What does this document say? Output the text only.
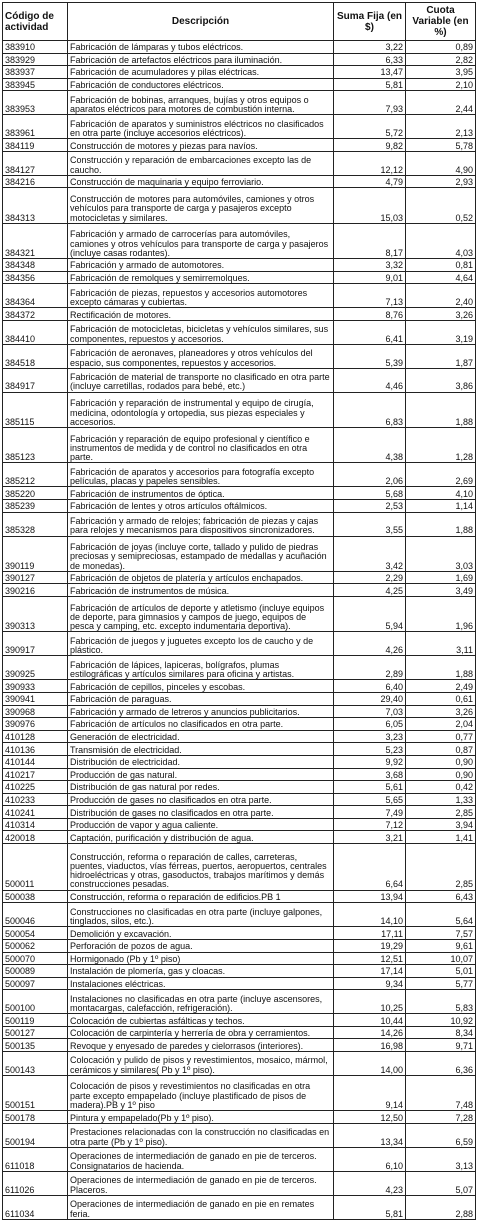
Código de actividad	Descripción	Suma Fija (en $)	Cuota Variable (en %)
383910	Fabricación de lámparas y tubos eléctricos.	3,22	0,89
383929	Fabricación de artefactos eléctricos para iluminación.	6,33	2,82
383937	Fabricación de acumuladores y pilas eléctricas.	13,47	3,95
383945	Fabricación de conductores eléctricos.	5,81	2,10
383953	Fabricación de bobinas, arranques, bujías y otros equipos o aparatos eléctricos para motores de combustión interna.	7,93	2,44
383961	Fabricación de aparatos y suministros eléctricos no clasificados en otra parte (incluye accesorios eléctricos).	5,72	2,13
384119	Construcción de motores y piezas para navíos.	9,82	5,78
384127	Construcción y reparación de embarcaciones excepto las de caucho.	12,12	4,90
384216	Construcción de maquinaria y equipo ferroviario.	4,79	2,93
384313	Construcción de motores para automóviles, camiones y otros vehículos para transporte de carga y pasajeros excepto motocicletas y similares.	15,03	0,52
384321	Fabricación y armado de carrocerías para automóviles, camiones y otros vehículos para transporte de carga y pasajeros (incluye casas rodantes).	8,17	4,03
384348	Fabricación y armado de automotores.	3,32	0,81
384356	Fabricación de remolques y semirremolques.	9,01	4,64
384364	Fabricación de piezas, repuestos y accesorios automotores excepto cámaras y cubiertas.	7,13	2,40
384372	Rectificación de motores.	8,76	3,26
384410	Fabricación de motocicletas, bicicletas y vehículos similares, sus componentes, repuestos y accesorios.	6,41	3,19
384518	Fabricación de aeronaves, planeadores y otros vehículos del espacio, sus componentes, repuestos y accesorios.	5,39	1,87
384917	Fabricación de material de transporte no clasificado en otra parte (incluye carretillas, rodados para bebé, etc.)	4,46	3,86
385115	Fabricación y reparación de instrumental y equipo de cirugía, medicina, odontología y ortopedia, sus piezas especiales y accesorios.	6,83	1,88
385123	Fabricación y reparación de equipo profesional y científico e instrumentos de medida y de control no clasificados en otra parte.	4,38	1,28
385212	Fabricación de aparatos y accesorios para fotografía excepto películas, placas y papeles sensibles.	2,06	2,69
385220	Fabricación de instrumentos de óptica.	5,68	4,10
385239	Fabricación de lentes y otros artículos oftálmicos.	2,53	1,14
385328	Fabricación y armado de relojes; fabricación de piezas y cajas para relojes y mecanismos para dispositivos sincronizadores.	3,55	1,88
390119	Fabricación de joyas (incluye corte, tallado y pulido de piedras preciosas y semipreciosas, estampado de medallas y acuñación de monedas).	3,42	3,03
390127	Fabricación de objetos de platería y artículos enchapados.	2,29	1,69
390216	Fabricación de instrumentos de música.	4,25	3,49
390313	Fabricación de artículos de deporte y atletismo (incluye equipos de deporte, para gimnasios y campos de juego, equipos de pesca y camping, etc. excepto indumentaria deportiva).	5,94	1,96
390917	Fabricación de juegos y juguetes excepto los de caucho y de plástico.	4,26	3,11
390925	Fabricación de lápices, lapiceras, bolígrafos, plumas estilográficas y artículos similares para oficina y artistas.	2,89	1,88
390933	Fabricación de cepillos, pinceles y escobas.	6,40	2,49
390941	Fabricación de paraguas.	29,40	0,61
390968	Fabricación y armado de letreros y anuncios publicitarios.	7,03	3,26
390976	Fabricación de artículos no clasificados en otra parte.	6,05	2,04
410128	Generación de electricidad.	3,23	0,77
410136	Transmisión de electricidad.	5,23	0,87
410144	Distribución de electricidad.	9,92	0,90
410217	Producción de gas natural.	3,68	0,90
410225	Distribución de gas natural por redes.	5,61	0,42
410233	Producción de gases no clasificados en otra parte.	5,65	1,33
410241	Distribución de gases no clasificados en otra parte.	7,49	2,85
410314	Producción de vapor y agua caliente.	7,12	3,94
420018	Captación, purificación y distribución de agua.	3,21	1,41
500011	Construcción, reforma o reparación de calles, carreteras, puentes, viaductos, vías férreas, puertos, aeropuertos, centrales hidroeléctricas y otras, gasoductos, trabajos marítimos y demás construcciones pesadas.	6,64	2,85
500038	Construcción, reforma o reparación de edificios.PB 1	13,94	6,43
500046	Construcciones no clasificadas en otra parte (incluye galpones, tinglados, silos, etc.).	14,10	5,64
500054	Demolición y excavación.	17,11	7,57
500062	Perforación de pozos de agua.	19,29	9,61
500070	Hormigonado (Pb y 1º piso)	12,51	10,07
500089	Instalación de plomería, gas y cloacas.	17,14	5,01
500097	Instalaciones eléctricas.	9,34	5,77
500100	Instalaciones no clasificadas en otra parte (incluye ascensores, montacargas, calefacción, refrigeración).	10,25	5,83
500119	Colocación de cubiertas asfálticas y techos.	10,44	10,92
500127	Colocación de carpintería y herrería de obra y cerramientos.	14,26	8,34
500135	Revoque y enyesado de paredes y cielorrasos (interiores).	16,98	9,71
500143	Colocación y pulido de pisos y revestimientos, mosaico, mármol, cerámicos y similares( Pb y 1º piso).	14,00	6,36
500151	Colocación de pisos y revestimientos no clasificadas en otra parte excepto empapelado (incluye plastificado de pisos de madera).PB y 1º piso	9,14	7,48
500178	Pintura y empapelado(Pb y 1º piso).	12,50	7,28
500194	Prestaciones relacionadas con la construcción no clasificadas en otra parte (Pb y 1º piso).	13,34	6,59
611018	Operaciones de intermediación de ganado en pie de terceros. Consignatarios de hacienda.	6,10	3,13
611026	Operaciones de intermediación de ganado en pie de terceros. Placeros.	4,23	5,07
611034	Operaciones de intermediación de ganado en pie en remates feria.	5,81	2,88
